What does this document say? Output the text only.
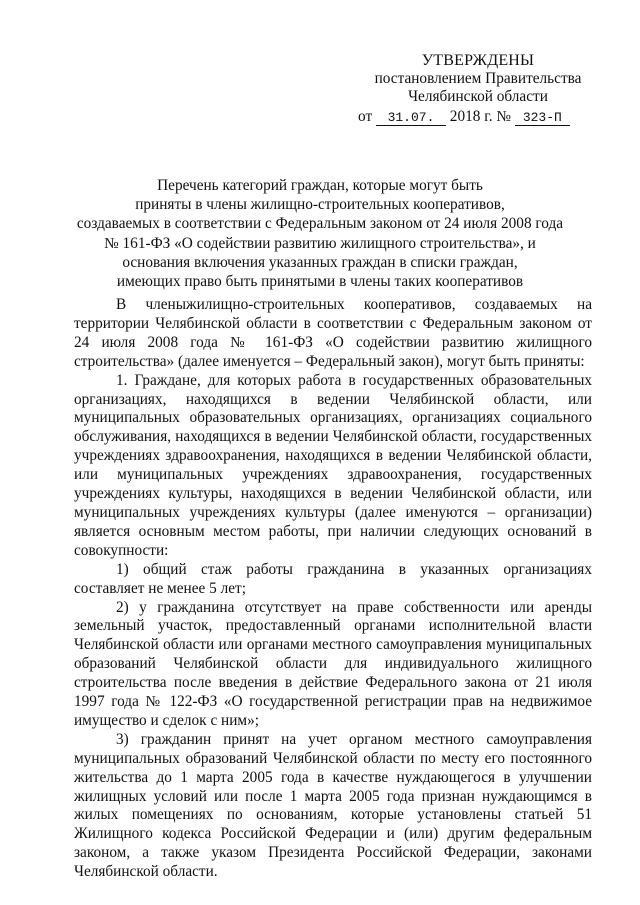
УТВЕРЖДЕНЫ
постановлением Правительства
Челябинской области
от 31.07. 2018 г. № 323-П
Перечень категорий граждан, которые могут быть
приняты в члены жилищно-строительных кооперативов,
создаваемых в соответствии с Федеральным законом от 24 июля 2008 года
№ 161-ФЗ «О содействии развитию жилищного строительства», и
основания включения указанных граждан в списки граждан,
имеющих право быть принятыми в члены таких кооперативов

В членыжилищно-строительных кооперативов, создаваемых на территории Челябинской области в соответствии с Федеральным законом от 24 июля 2008 года № 161-ФЗ «О содействии развитию жилищного строительства» (далее именуется – Федеральный закон), могут быть приняты:

1. Граждане, для которых работа в государственных образовательных организациях, находящихся в ведении Челябинской области, или муниципальных образовательных организациях, организациях социального обслуживания, находящихся в ведении Челябинской области, государственных учреждениях здравоохранения, находящихся в ведении Челябинской области, или муниципальных учреждениях здравоохранения, государственных учреждениях культуры, находящихся в ведении Челябинской области, или муниципальных учреждениях культуры (далее именуются – организации) является основным местом работы, при наличии следующих оснований в совокупности:

1) общий стаж работы гражданина в указанных организациях составляет не менее 5 лет;

2) у гражданина отсутствует на праве собственности или аренды земельный участок, предоставленный органами исполнительной власти Челябинской области или органами местного самоуправления муниципальных образований Челябинской области для индивидуального жилищного строительства после введения в действие Федерального закона от 21 июля 1997 года № 122-ФЗ «О государственной регистрации прав на недвижимое имущество и сделок с ним»;

3) гражданин принят на учет органом местного самоуправления муниципальных образований Челябинской области по месту его постоянного жительства до 1 марта 2005 года в качестве нуждающегося в улучшении жилищных условий или после 1 марта 2005 года признан нуждающимся в жилых помещениях по основаниям, которые установлены статьей 51 Жилищного кодекса Российской Федерации и (или) другим федеральным законом, а также указом Президента Российской Федерации, законами Челябинской области.
